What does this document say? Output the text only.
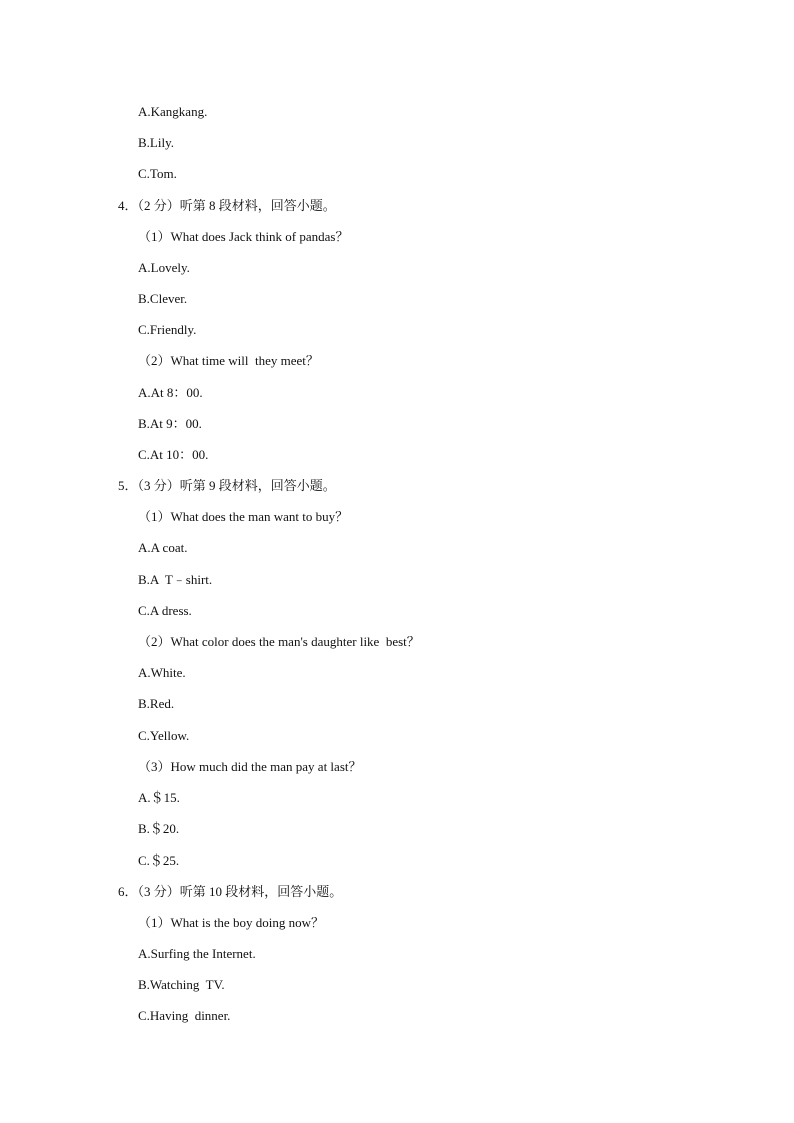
A.Kangkang.
B.Lily.
C.Tom.
4．（2 分）听第 8 段材料，回答小题。
（1）What does Jack think of pandas？
A.Lovely.
B.Clever.
C.Friendly.
（2）What time will  they meet？
A.At 8：00.
B.At 9：00.
C.At 10：00.
5．（3 分）听第 9 段材料，回答小题。
（1）What does the man want to buy？
A.A coat.
B.A  T﹣shirt.
C.A dress.
（2）What color does the man's daughter like  best？
A.White.
B.Red.
C.Yellow.
（3）How much did the man pay at last？
A.＄15.
B.＄20.
C.＄25.
6．（3 分）听第 10 段材料，回答小题。
（1）What is the boy doing now？
A.Surfing the Internet.
B.Watching  TV.
C.Having  dinner.
